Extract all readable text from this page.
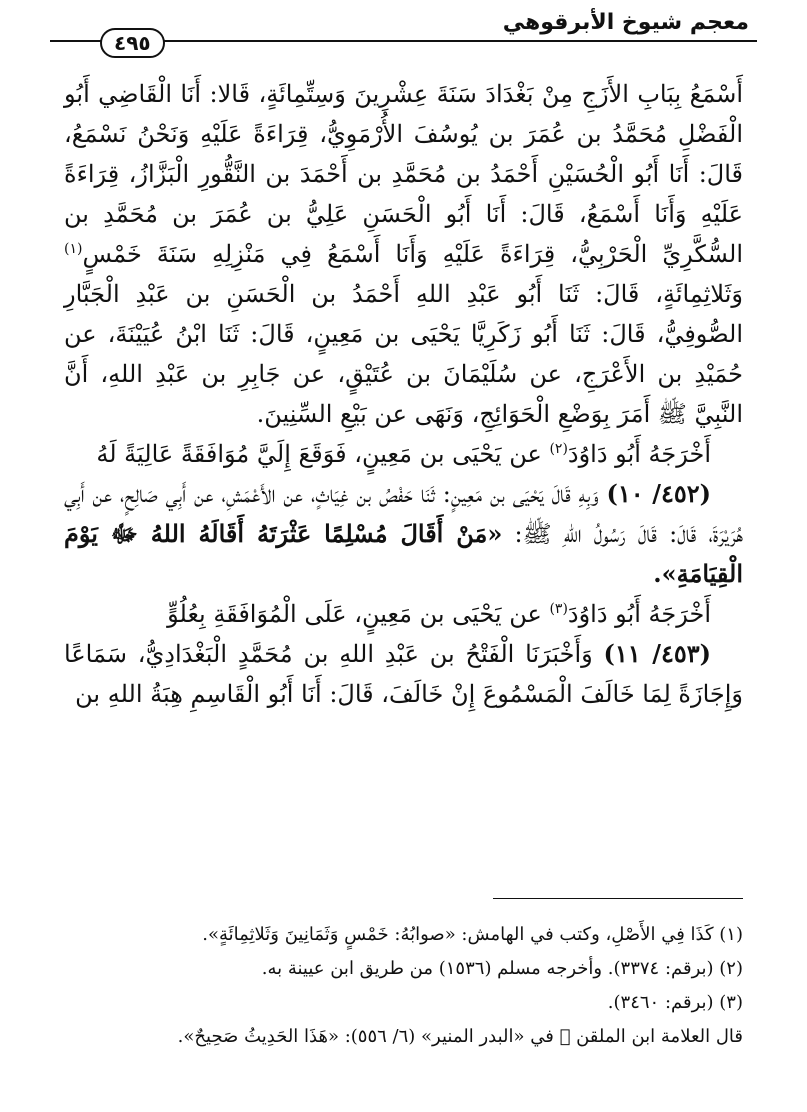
معجم شيوخ الأبرقوهي
٤٩٥

أَسْمَعُ بِبَابِ الأَزَجِ مِنْ بَغْدَادَ سَنَةَ عِشْرِينَ وَسِتِّمِائَةٍ، قَالا: أَنَا الْقَاضِي أَبُو الْفَضْلِ مُحَمَّدُ بن عُمَرَ بن يُوسُفَ الأُرْمَوِيُّ، قِرَاءَةً عَلَيْهِ وَنَحْنُ نَسْمَعُ، قَالَ: أَنَا أَبُو الْحُسَيْنِ أَحْمَدُ بن مُحَمَّدِ بن أَحْمَدَ بن النَّقُّورِ الْبَزَّازُ، قِرَاءَةً عَلَيْهِ وَأَنَا أَسْمَعُ، قَالَ: أَنَا أَبُو الْحَسَنِ عَلِيُّ بن عُمَرَ بن مُحَمَّدِ بن السُّكَّرِيِّ الْحَرْبِيُّ، قِرَاءَةً عَلَيْهِ وَأَنَا أَسْمَعُ فِي مَنْزِلِهِ سَنَةَ خَمْسٍ$^{(١)}$ وَثَلاثِمِائَةٍ، قَالَ: ثَنَا أَبُو عَبْدِ اللهِ أَحْمَدُ بن الْحَسَنِ بن عَبْدِ الْجَبَّارِ الصُّوفِيُّ، قَالَ: ثَنَا أَبُو زَكَرِيَّا يَحْيَى بن مَعِينٍ، قَالَ: ثَنَا ابْنُ عُيَيْنَةَ، عن حُمَيْدِ بن الأَعْرَجِ، عن سُلَيْمَانَ بن عُتَيْقٍ، عن جَابِرِ بن عَبْدِ اللهِ، أَنَّ النَّبِيَّ ﷺ أَمَرَ بِوَضْعِ الْحَوَائِجِ، وَنَهَى عن بَيْعِ السِّنِينَ.

أَخْرَجَهُ أَبُو دَاوُدَ$^{(٢)}$ عن يَحْيَى بن مَعِينٍ، فَوَقَعَ إِلَيَّ مُوَافَقَةً عَالِيَةً لَهُ

(٤٥٢/ ١٠) وَبِهِ قَالَ يَحْيَى بن مَعِينٍ: ثَنَا حَفْصُ بن غِيَاثٍ، عن الأَعْمَشِ، عن أَبِي صَالِحٍ، عن أَبِي هُرَيْرَةَ، قَالَ: قَالَ رَسُولُ اللهِ ﷺ: «مَنْ أَقَالَ مُسْلِمًا عَثْرَتَهُ أَقَالَهُ اللهُ ﷻ يَوْمَ الْقِيَامَةِ».

أَخْرَجَهُ أَبُو دَاوُدَ$^{(٣)}$ عن يَحْيَى بن مَعِينٍ، عَلَى الْمُوَافَقَةِ بِعُلُوٍّ

(٤٥٣/ ١١) وَأَخْبَرَنَا الْفَتْحُ بن عَبْدِ اللهِ بن مُحَمَّدٍ الْبَغْدَادِيُّ، سَمَاعًا وَإِجَازَةً لِمَا خَالَفَ الْمَسْمُوعَ إِنْ خَالَفَ، قَالَ: أَنَا أَبُو الْقَاسِمِ هِبَةُ اللهِ بن

(١) كَذَا فِي الأَصْلِ، وكتب في الهامش: «صوابُهُ: خَمْسٍ وَثَمَانِينَ وَثَلاثِمِائَةٍ».

(٢) (برقم: ٣٣٧٤). وأخرجه مسلم (١٥٣٦) من طريق ابن عيينة به.

(٣) (برقم: ٣٤٦٠).

قال العلامة ابن الملقن ﷫ في «البدر المنير» (٦/ ٥٥٦): «هَذَا الحَدِيثُ صَحِيحٌ».
